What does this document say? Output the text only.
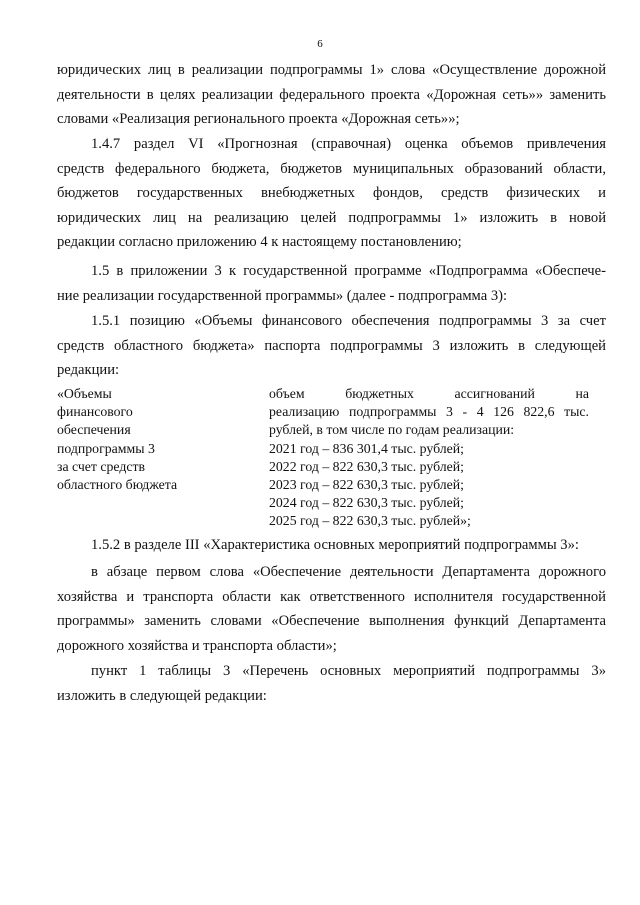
6
юридических лиц в реализации подпрограммы 1» слова «Осуществление дорожной
деятельности в целях реализации федерального проекта «Дорожная сеть»» заменить
словами «Реализация регионального проекта «Дорожная сеть»»;
1.4.7 раздел VI «Прогнозная (справочная) оценка объемов привлечения
средств федерального бюджета, бюджетов муниципальных образований области,
бюджетов государственных внебюджетных фондов, средств физических и
юридических лиц на реализацию целей подпрограммы 1» изложить в новой
редакции согласно приложению 4 к настоящему постановлению;
1.5 в приложении 3 к государственной программе «Подпрограмма «Обеспече-
ние реализации государственной программы» (далее - подпрограмма 3):
1.5.1 позицию «Объемы финансового обеспечения подпрограммы 3 за счет
средств областного бюджета» паспорта подпрограммы 3 изложить в следующей
редакции:
«Объемы
финансового
обеспечения
подпрограммы 3
за счет средств
областного бюджета
объем бюджетных ассигнований на
реализацию подпрограммы 3 - 4 126 822,6 тыс.
рублей, в том числе по годам реализации:
2021 год – 836 301,4 тыс. рублей;
2022 год – 822 630,3 тыс. рублей;
2023 год – 822 630,3 тыс. рублей;
2024 год – 822 630,3 тыс. рублей;
2025 год – 822 630,3 тыс. рублей»;
1.5.2 в разделе III «Характеристика основных мероприятий подпрограммы 3»:
в абзаце первом слова «Обеспечение деятельности Департамента дорожного
хозяйства и транспорта области как ответственного исполнителя государственной
программы» заменить словами «Обеспечение выполнения функций Департамента
дорожного хозяйства и транспорта области»;
пункт 1 таблицы 3 «Перечень основных мероприятий подпрограммы 3»
изложить в следующей редакции:
